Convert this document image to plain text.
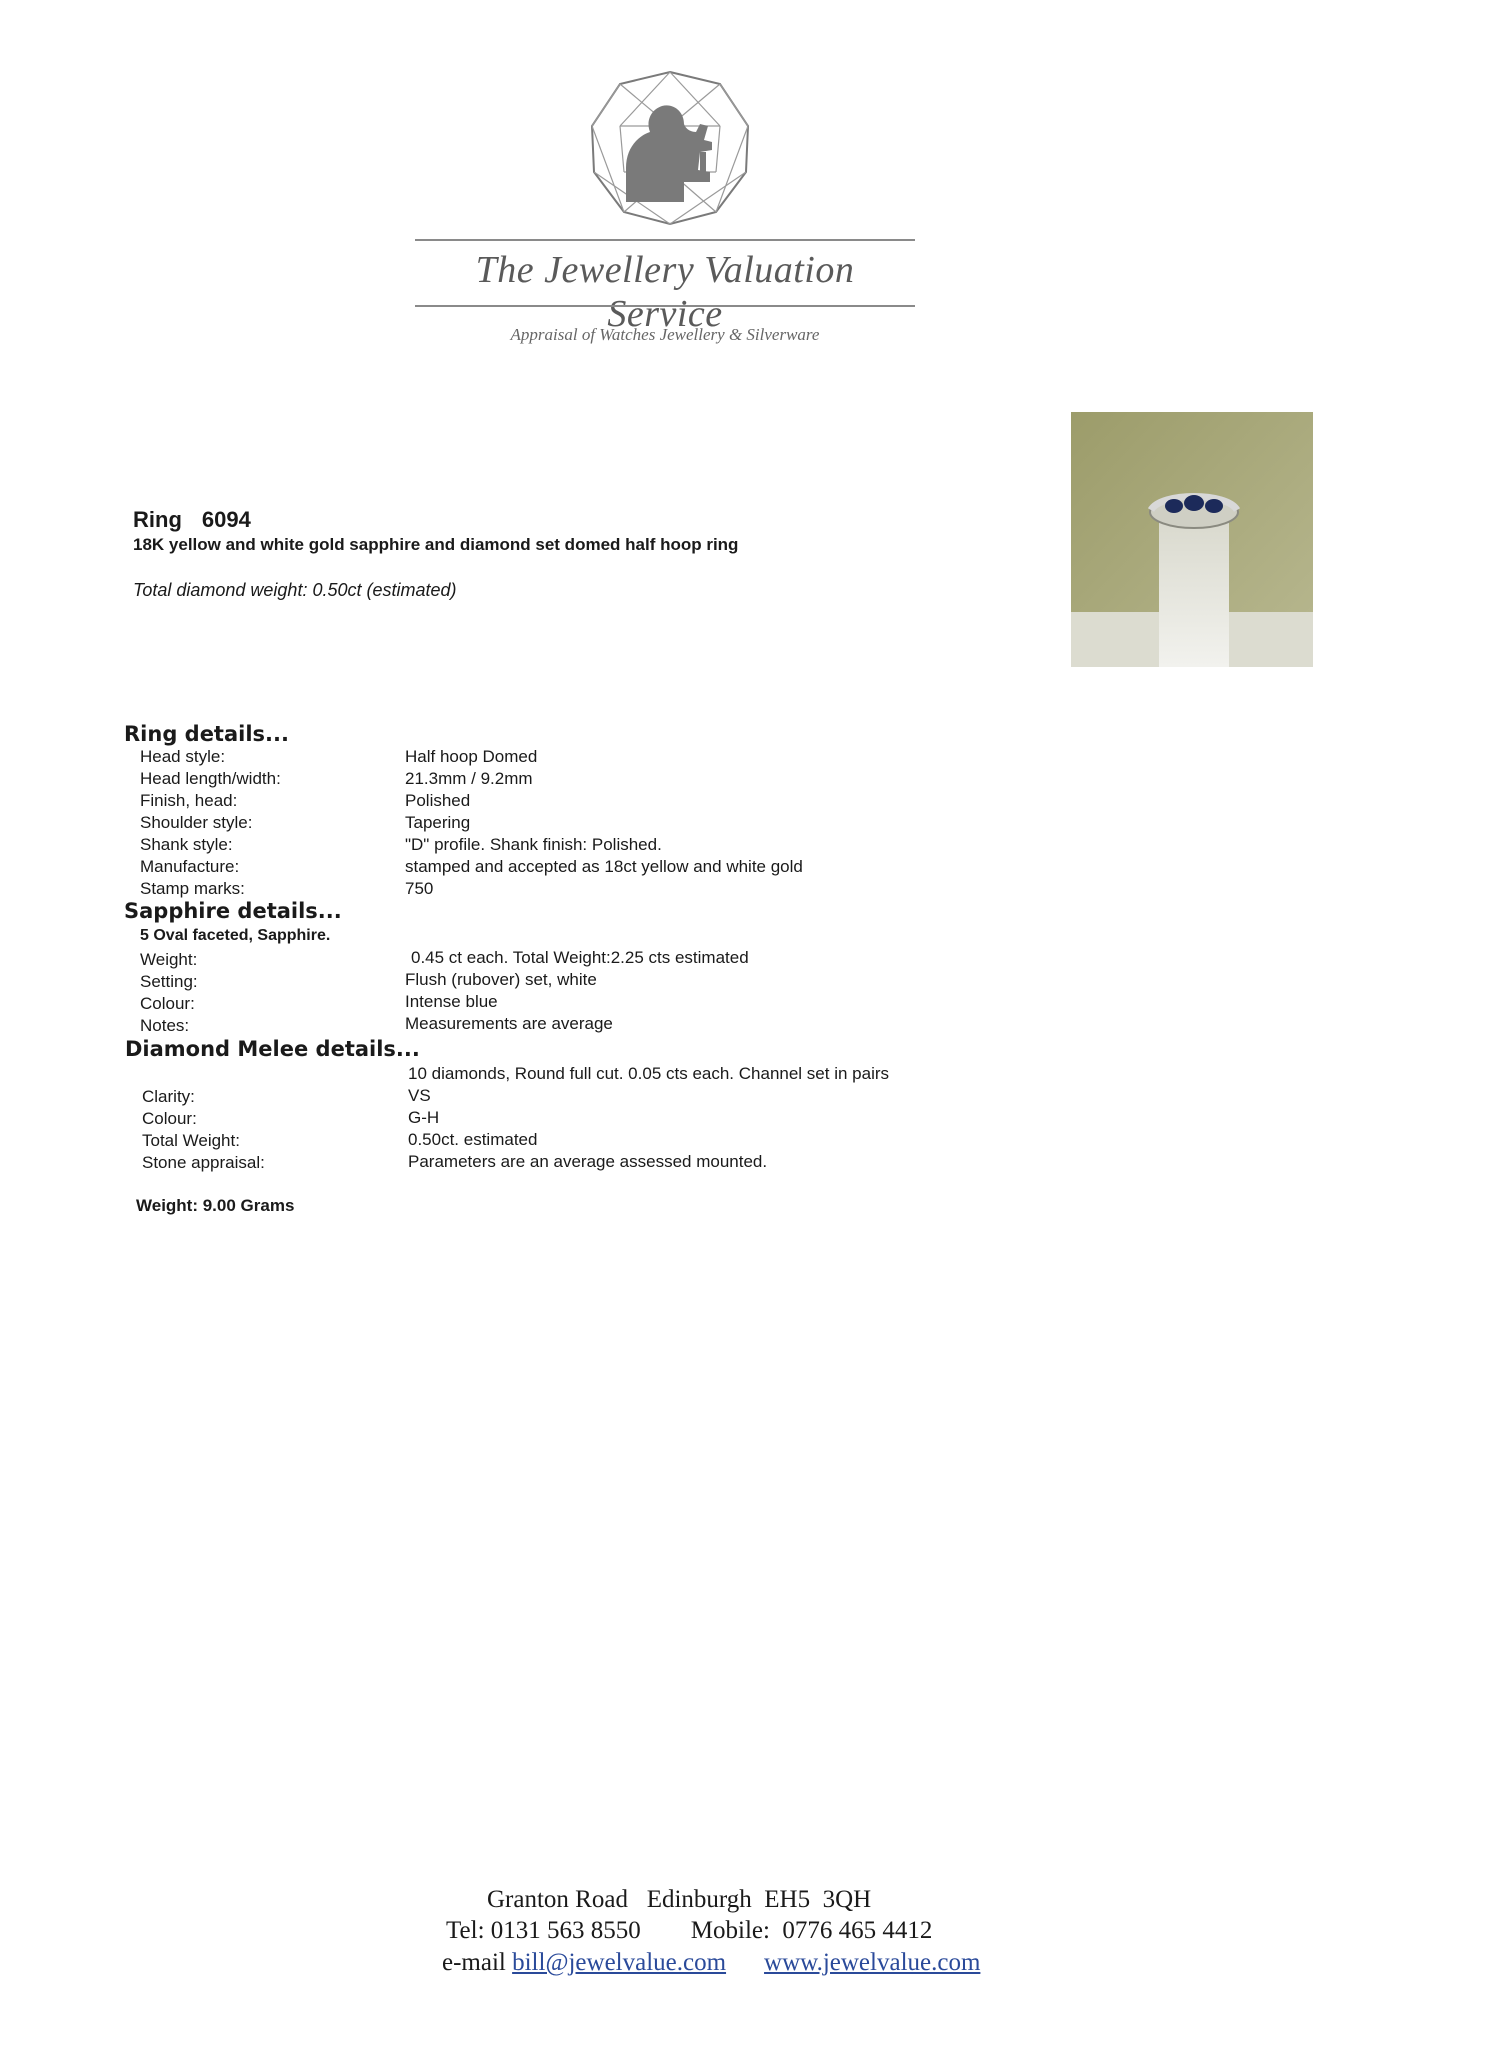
The Jewellery Valuation Service
Appraisal of Watches Jewellery & Silverware
Ring 6094
18K yellow and white gold sapphire and diamond set domed half hoop ring
Total diamond weight: 0.50ct (estimated)
Ring details...
Head style:	Half hoop Domed
Head length/width:	21.3mm / 9.2mm
Finish, head:	Polished
Shoulder style:	Tapering
Shank style:	"D" profile. Shank finish: Polished.
Manufacture:	stamped and accepted as 18ct yellow and white gold
Stamp marks:	750
Sapphire details...
5 Oval faceted, Sapphire.
Weight:	0.45 ct each. Total Weight:2.25 cts estimated
Setting:	Flush (rubover) set, white
Colour:	Intense blue
Notes:	Measurements are average
Diamond Melee details...
10 diamonds, Round full cut. 0.05 cts each. Channel set in pairs
Clarity:	VS
Colour:	G-H
Total Weight:	0.50ct. estimated
Stone appraisal:	Parameters are an average assessed mounted.
Weight: 9.00 Grams
Granton Road   Edinburgh  EH5  3QH
Tel: 0131 563 8550 Mobile:  0776 465 4412
e-mail bill@jewelvalue.com www.jewelvalue.com
